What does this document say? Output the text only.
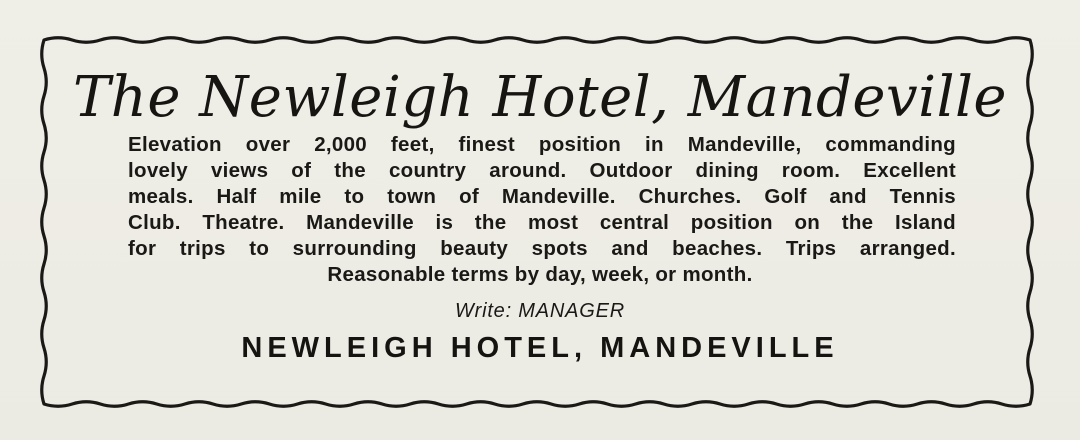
The Newleigh Hotel, Mandeville
Elevation over 2,000 feet, finest position in Mandeville, commanding
lovely views of the country around. Outdoor dining room. Excellent
meals. Half mile to town of Mandeville. Churches. Golf and Tennis
Club. Theatre. Mandeville is the most central position on the Island
for trips to surrounding beauty spots and beaches. Trips arranged.
Reasonable terms by day, week, or month.
Write: MANAGER
NEWLEIGH HOTEL, MANDEVILLE
